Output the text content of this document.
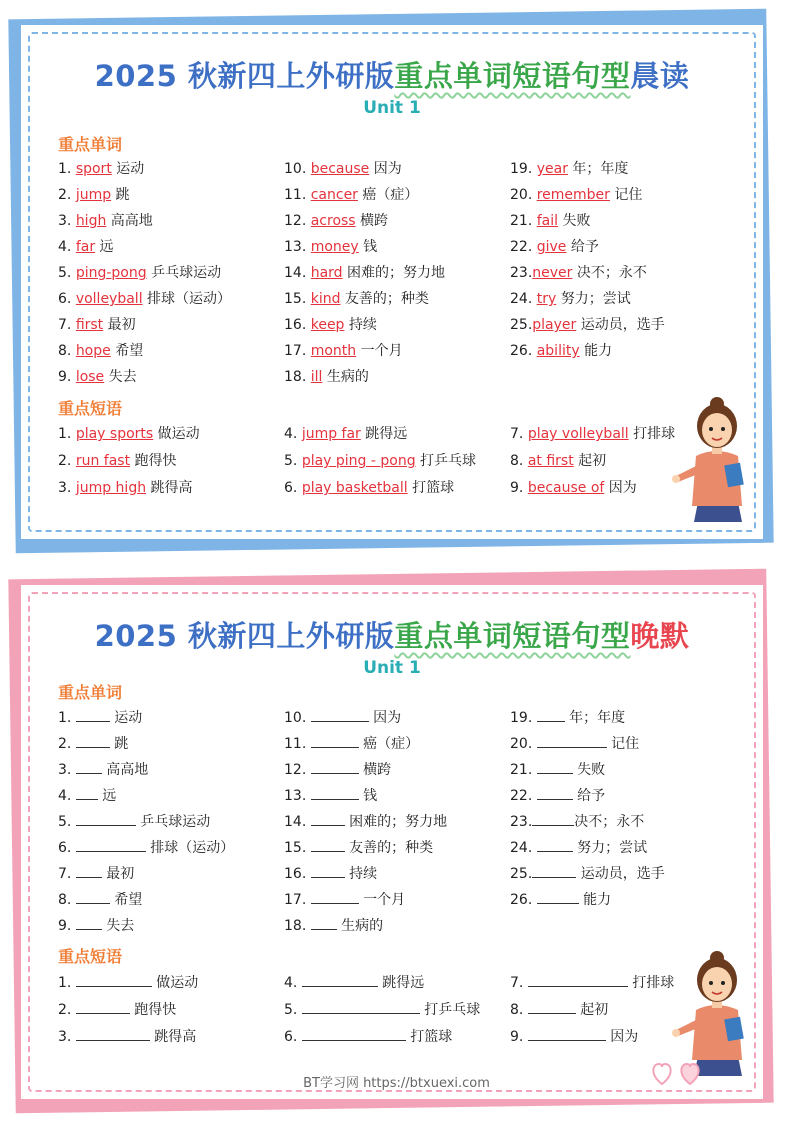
2025 秋新四上外研版重点单词短语句型晨读
Unit 1
重点单词
1. sport 运动
2. jump 跳
3. high 高高地
4. far 远
5. ping-pong 乒乓球运动
6. volleyball 排球（运动）
7. first 最初
8. hope 希望
9. lose 失去
10. because 因为
11. cancer 癌（症）
12. across 横跨
13. money 钱
14. hard 困难的；努力地
15. kind 友善的；种类
16. keep 持续
17. month 一个月
18. ill 生病的
19. year 年；年度
20. remember 记住
21. fail 失败
22. give 给予
23.never 决不；永不
24. try 努力；尝试
25.player 运动员，选手
26. ability 能力
重点短语
1. play sports 做运动
2. run fast 跑得快
3. jump high 跳得高
4. jump far 跳得远
5. play ping - pong 打乒乓球
6. play basketball 打篮球
7. play volleyball 打排球
8. at first 起初
9. because of 因为
2025 秋新四上外研版重点单词短语句型晚默
Unit 1
重点单词
1.  运动
2.  跳
3.  高高地
4.  远
5.	乒乓球运动
6.	排球（运动）
7.  最初
8.  希望
9.  失去
10.	因为
11.	癌（症）
12.	横跨
13.	钱
14.  困难的；努力地
15.  友善的；种类
16.  持续
17.	一个月
18.  生病的
19.  年；年度
20.	记住
21.	失败
22.	给予
23.	决不；永不
24.	努力；尝试
25.	运动员，选手
26.	能力
重点短语
1.	做运动
2.	跑得快
3.	跳得高
4.	跳得远
5.	打乒乓球
6.	打篮球
7.	打排球
8.	起初
9.	因为
BT学习网 https://btxuexi.com
